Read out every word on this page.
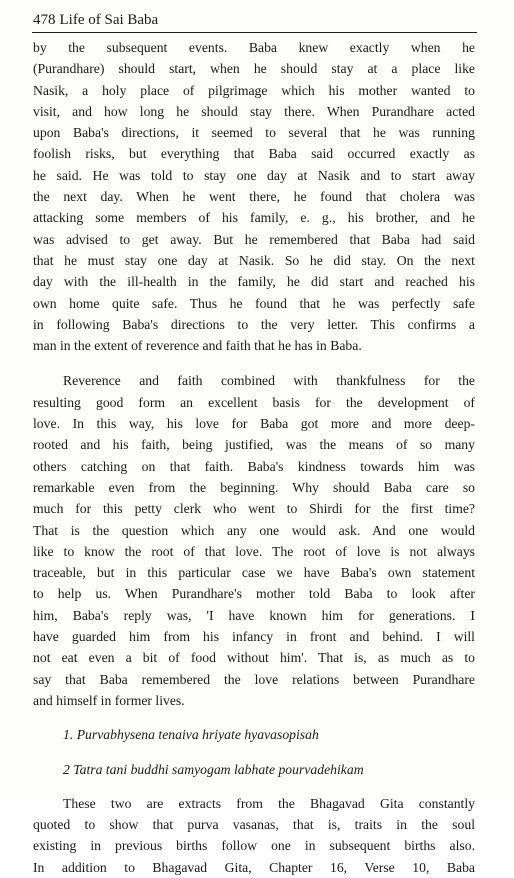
478 Life of Sai Baba
by the subsequent events. Baba knew exactly when he
(Purandhare) should start, when he should stay at a place like
Nasik, a holy place of pilgrimage which his mother wanted to
visit, and how long he should stay there. When Purandhare acted
upon Baba's directions, it seemed to several that he was running
foolish risks, but everything that Baba said occurred exactly as
he said. He was told to stay one day at Nasik and to start away
the next day. When he went there, he found that cholera was
attacking some members of his family, e. g., his brother, and he
was advised to get away. But he remembered that Baba had said
that he must stay one day at Nasik. So he did stay. On the next
day with the ill-health in the family, he did start and reached his
own home quite safe. Thus he found that he was perfectly safe
in following Baba's directions to the very letter. This confirms a
man in the extent of reverence and faith that he has in Baba.
Reverence and faith combined with thankfulness for the
resulting good form an excellent basis for the development of
love. In this way, his love for Baba got more and more deep-
rooted and his faith, being justified, was the means of so many
others catching on that faith. Baba's kindness towards him was
remarkable even from the beginning. Why should Baba care so
much for this petty clerk who went to Shirdi for the first time?
That is the question which any one would ask. And one would
like to know the root of that love. The root of love is not always
traceable, but in this particular case we have Baba's own statement
to help us. When Purandhare's mother told Baba to look after
him, Baba's reply was, 'I have known him for generations. I
have guarded him from his infancy in front and behind. I will
not eat even a bit of food without him'. That is, as much as to
say that Baba remembered the love relations between Purandhare
and himself in former lives.
1. Purvabhysena tenaiva hriyate hyavasopisah
2 Tatra tani buddhi samyogam labhate pourvadehikam
These two are extracts from the Bhagavad Gita constantly
quoted to show that purva vasanas, that is, traits in the soul
existing in previous births follow one in subsequent births also.
In addition to Bhagavad Gita, Chapter 16, Verse 10, Baba
